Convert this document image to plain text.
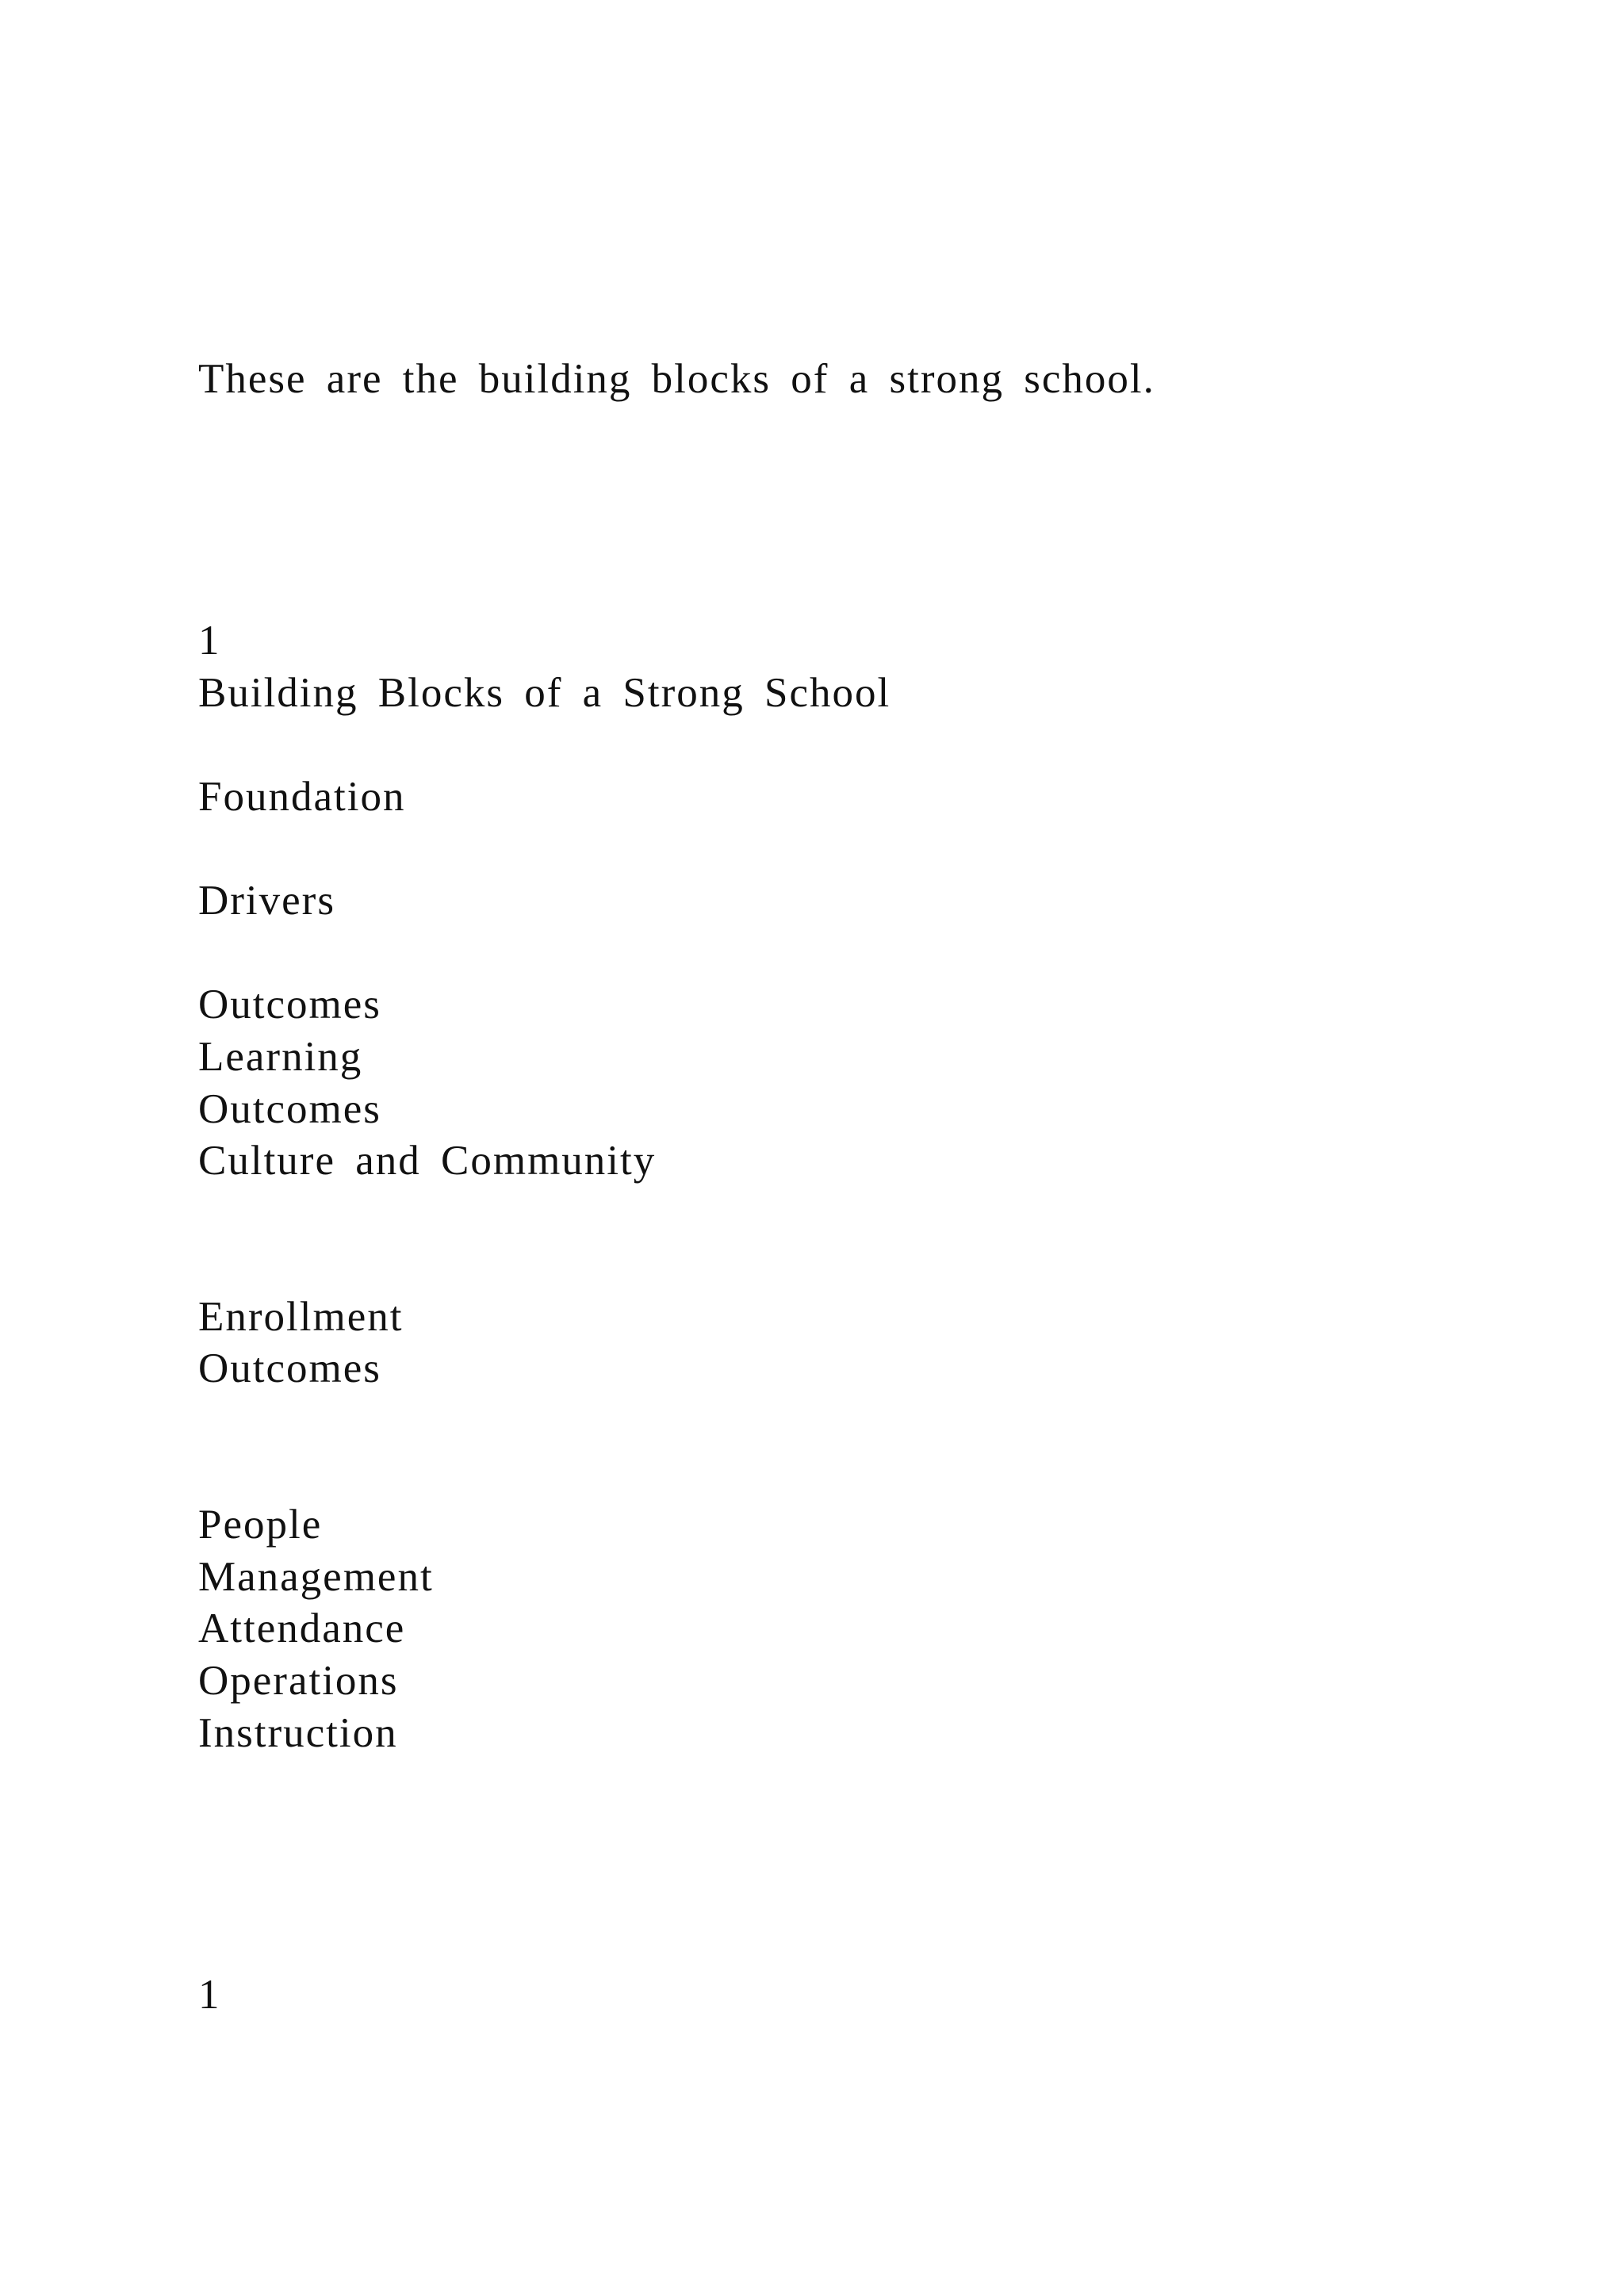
These are the building blocks of a strong school.
1
Building Blocks of a Strong School
Foundation
Drivers
Outcomes
Learning
Outcomes
Culture and Community
Enrollment
Outcomes
People
Management
Attendance
Operations
Instruction
1
